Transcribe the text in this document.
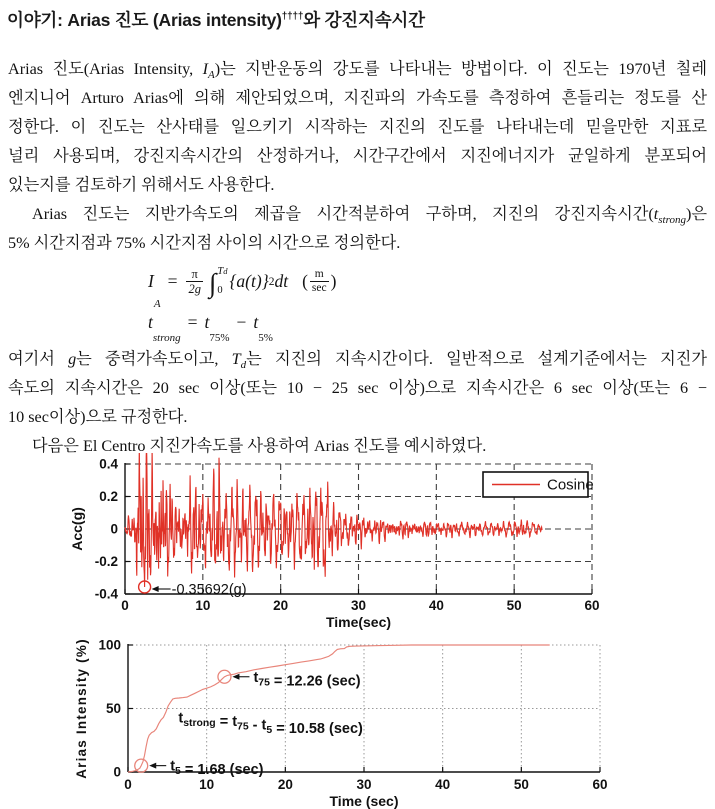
이야기: Arias 진도 (Arias intensity)††††와 강진지속시간
Arias 진도(Arias Intensity, $I_A$)는 지반운동의 강도를 나타내는 방법이다. 이 진도는 1970년 칠레
엔지니어 Arturo Arias에 의해 제안되었으며, 지진파의 가속도를 측정하여 흔들리는 정도를 산
정한다. 이 진도는 산사태를 일으키기 시작하는 지진의 진도를 나타내는데 믿을만한 지표로
널리 사용되며, 강진지속시간의 산정하거나, 시간구간에서 지진에너지가 균일하게 분포되어
있는지를 검토하기 위해서도 사용한다.
Arias 진도는 지반가속도의 제곱을 시간적분하여 구하며, 지진의 강진지속시간$(t_{strong})$은
5% 시간지점과 75% 시간지점 사이의 시간으로 정의한다.
I
A
= $\frac{\pi}{2g}$ ∫ Td
0 {a(t)} 2 dt ( $\frac{m}{\sec}$ )
t
strong
= t
75%
− t
5%
여기서 g는 중력가속도이고, $T_d$는 지진의 지속시간이다. 일반적으로 설계기준에서는 지진가
속도의 지속시간은 20 sec 이상(또는 10 − 25 sec 이상)으로 지속시간은 6 sec 이상(또는 6 −
10 sec이상)으로 규정한다.
다음은 El Centro 지진가속도를 사용하여 Arias 진도를 예시하였다.
0	10	20	30	40	50	60
-0.4
-0.2
0
0.2
0.4
Time(sec)
Acc(g)
-0.35692(g)
Cosine
0	10	20	30	40	50	60
0
50
100
Time (sec)
Arias Intensity (%)	$t_5 = 1.68$ (sec)
$t_{75} = 12.26$ (sec)
$t_{strong} = t_{75} - t_5 = 10.58$ (sec)
